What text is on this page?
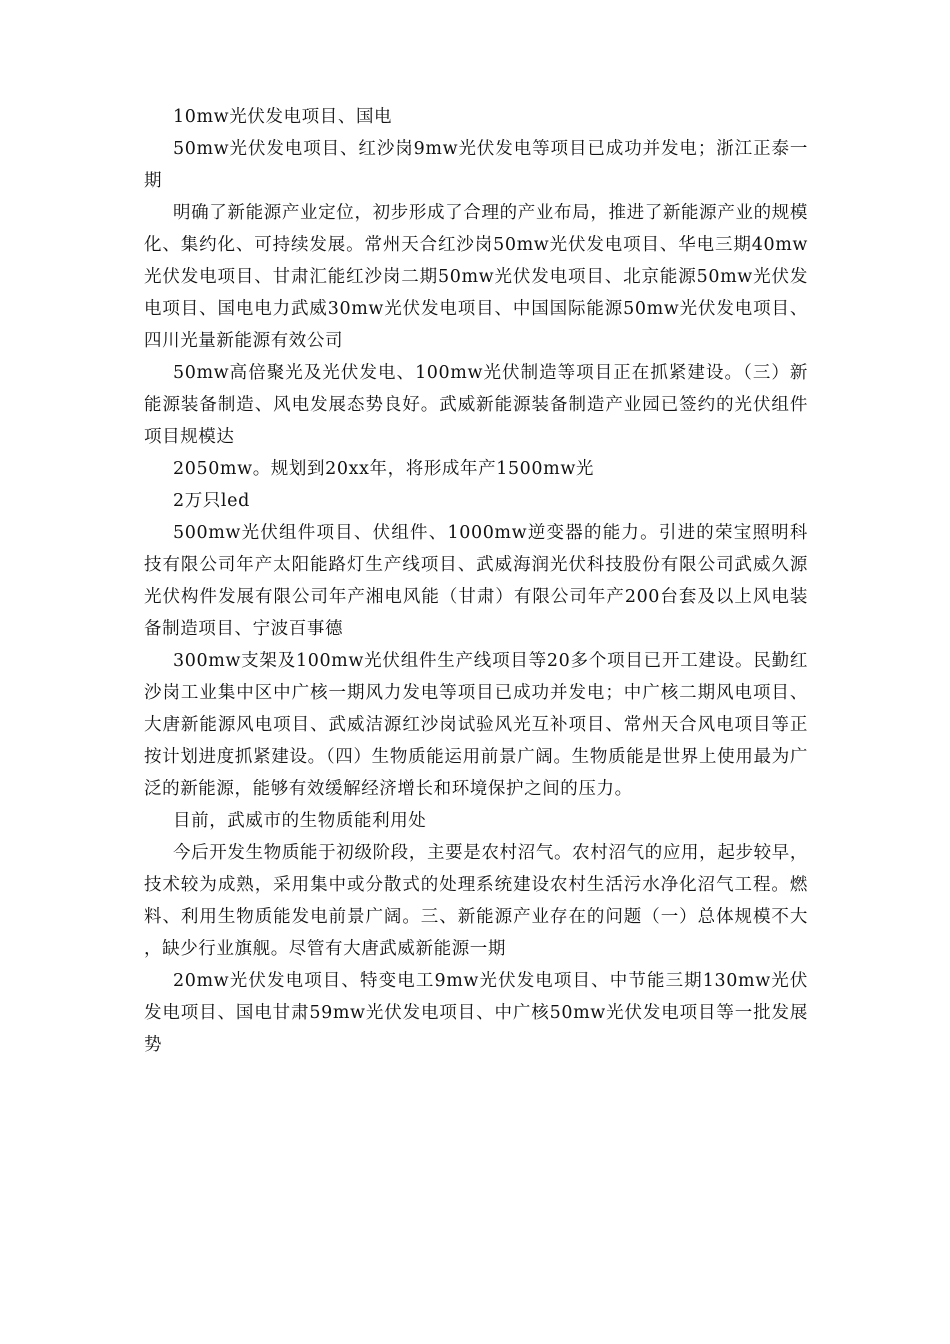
10mw光伏发电项目、国电

50mw光伏发电项目、红沙岗9mw光伏发电等项目已成功并发电；浙江正泰一期

明确了新能源产业定位，初步形成了合理的产业布局，推进了新能源产业的规模化、集约化、可持续发展。常州天合红沙岗50mw光伏发电项目、华电三期40mw光伏发电项目、甘肃汇能红沙岗二期50mw光伏发电项目、北京能源50mw光伏发电项目、国电电力武威30mw光伏发电项目、中国国际能源50mw光伏发电项目、四川光量新能源有效公司

50mw高倍聚光及光伏发电、100mw光伏制造等项目正在抓紧建设。（三）新能源装备制造、风电发展态势良好。武威新能源装备制造产业园已签约的光伏组件项目规模达

2050mw。规划到20xx年，将形成年产1500mw光

2万只led

500mw光伏组件项目、伏组件、1000mw逆变器的能力。引进的荣宝照明科技有限公司年产太阳能路灯生产线项目、武威海润光伏科技股份有限公司武威久源光伏构件发展有限公司年产湘电风能（甘肃）有限公司年产200台套及以上风电装备制造项目、宁波百事德

300mw支架及100mw光伏组件生产线项目等20多个项目已开工建设。民勤红沙岗工业集中区中广核一期风力发电等项目已成功并发电；中广核二期风电项目、大唐新能源风电项目、武威洁源红沙岗试验风光互补项目、常州天合风电项目等正按计划进度抓紧建设。（四）生物质能运用前景广阔。生物质能是世界上使用最为广泛的新能源，能够有效缓解经济增长和环境保护之间的压力。

目前，武威市的生物质能利用处

今后开发生物质能于初级阶段，主要是农村沼气。农村沼气的应用，起步较早，技术较为成熟，采用集中或分散式的处理系统建设农村生活污水净化沼气工程。燃料、利用生物质能发电前景广阔。三、新能源产业存在的问题（一）总体规模不大，缺少行业旗舰。尽管有大唐武威新能源一期

20mw光伏发电项目、特变电工9mw光伏发电项目、中节能三期130mw光伏发电项目、国电甘肃59mw光伏发电项目、中广核50mw光伏发电项目等一批发展势
